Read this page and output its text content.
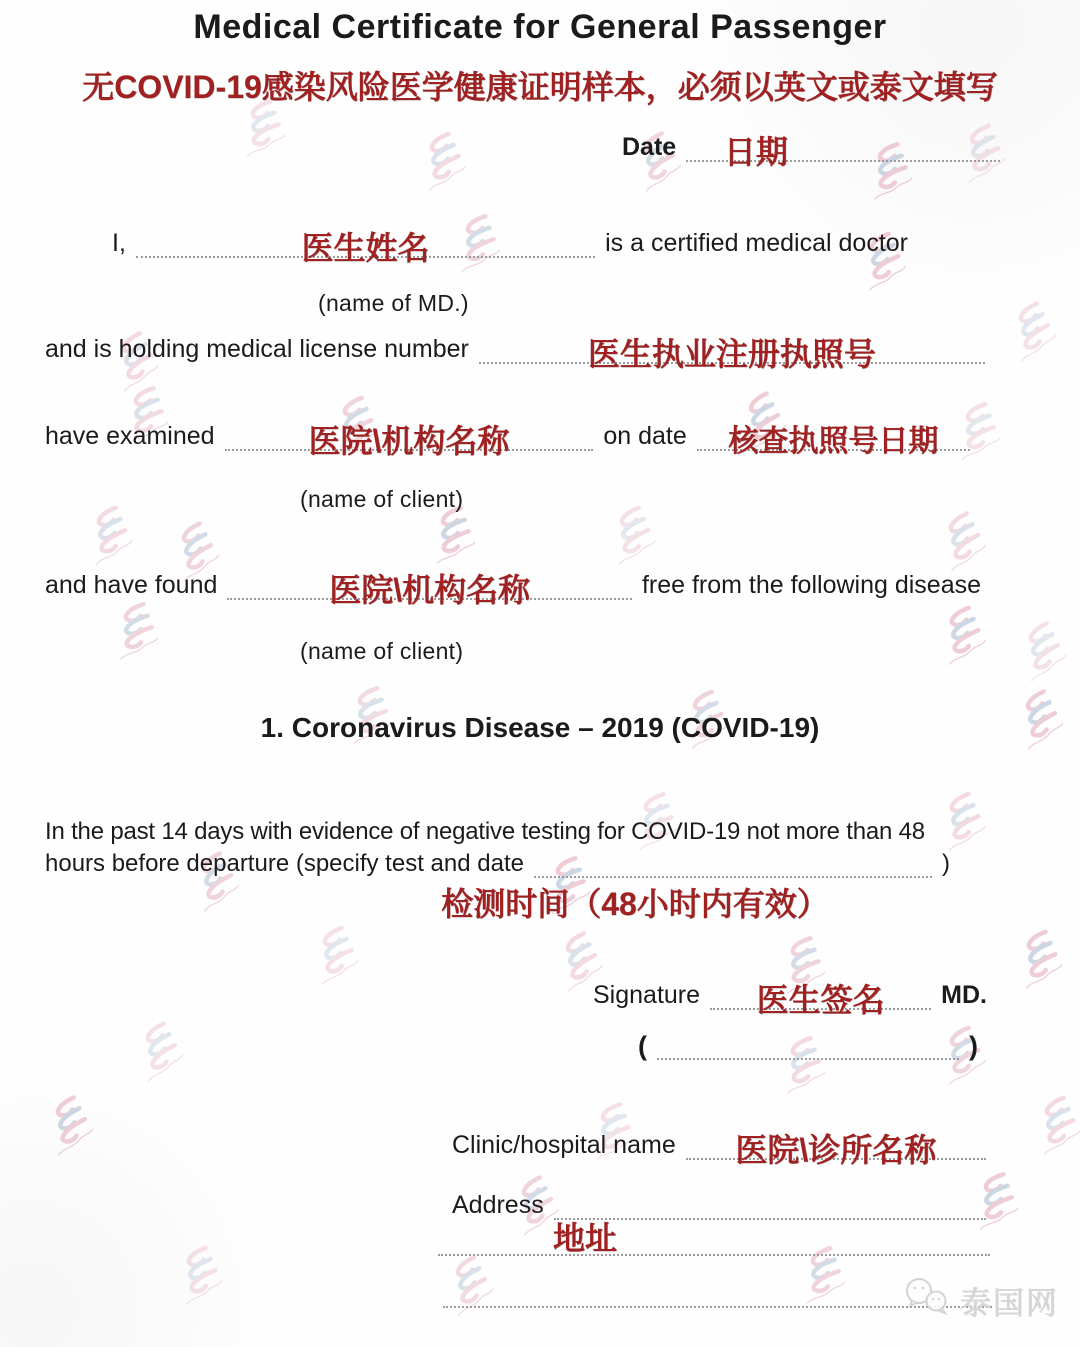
Medical Certificate for General Passenger
无COVID-19感染风险医学健康证明样本，必须以英文或泰文填写
Date 日期
I,	医生姓名	is a certified medical doctor
(name of MD.)
and is holding medical license number	医生执业注册执照号
have examined	医院\机构名称	on date 核查执照号日期
(name of client)
and have found	医院\机构名称	free from the following disease
(name of client)
1. Coronavirus Disease – 2019 (COVID-19)
In the past 14 days with evidence of negative testing for COVID-19 not more than 48
hours before departure (specify test and date	)
检测时间（48小时内有效）
Signature 医生签名 MD.
(	)
Clinic/hospital name 医院\诊所名称
Address
地址
泰国网
